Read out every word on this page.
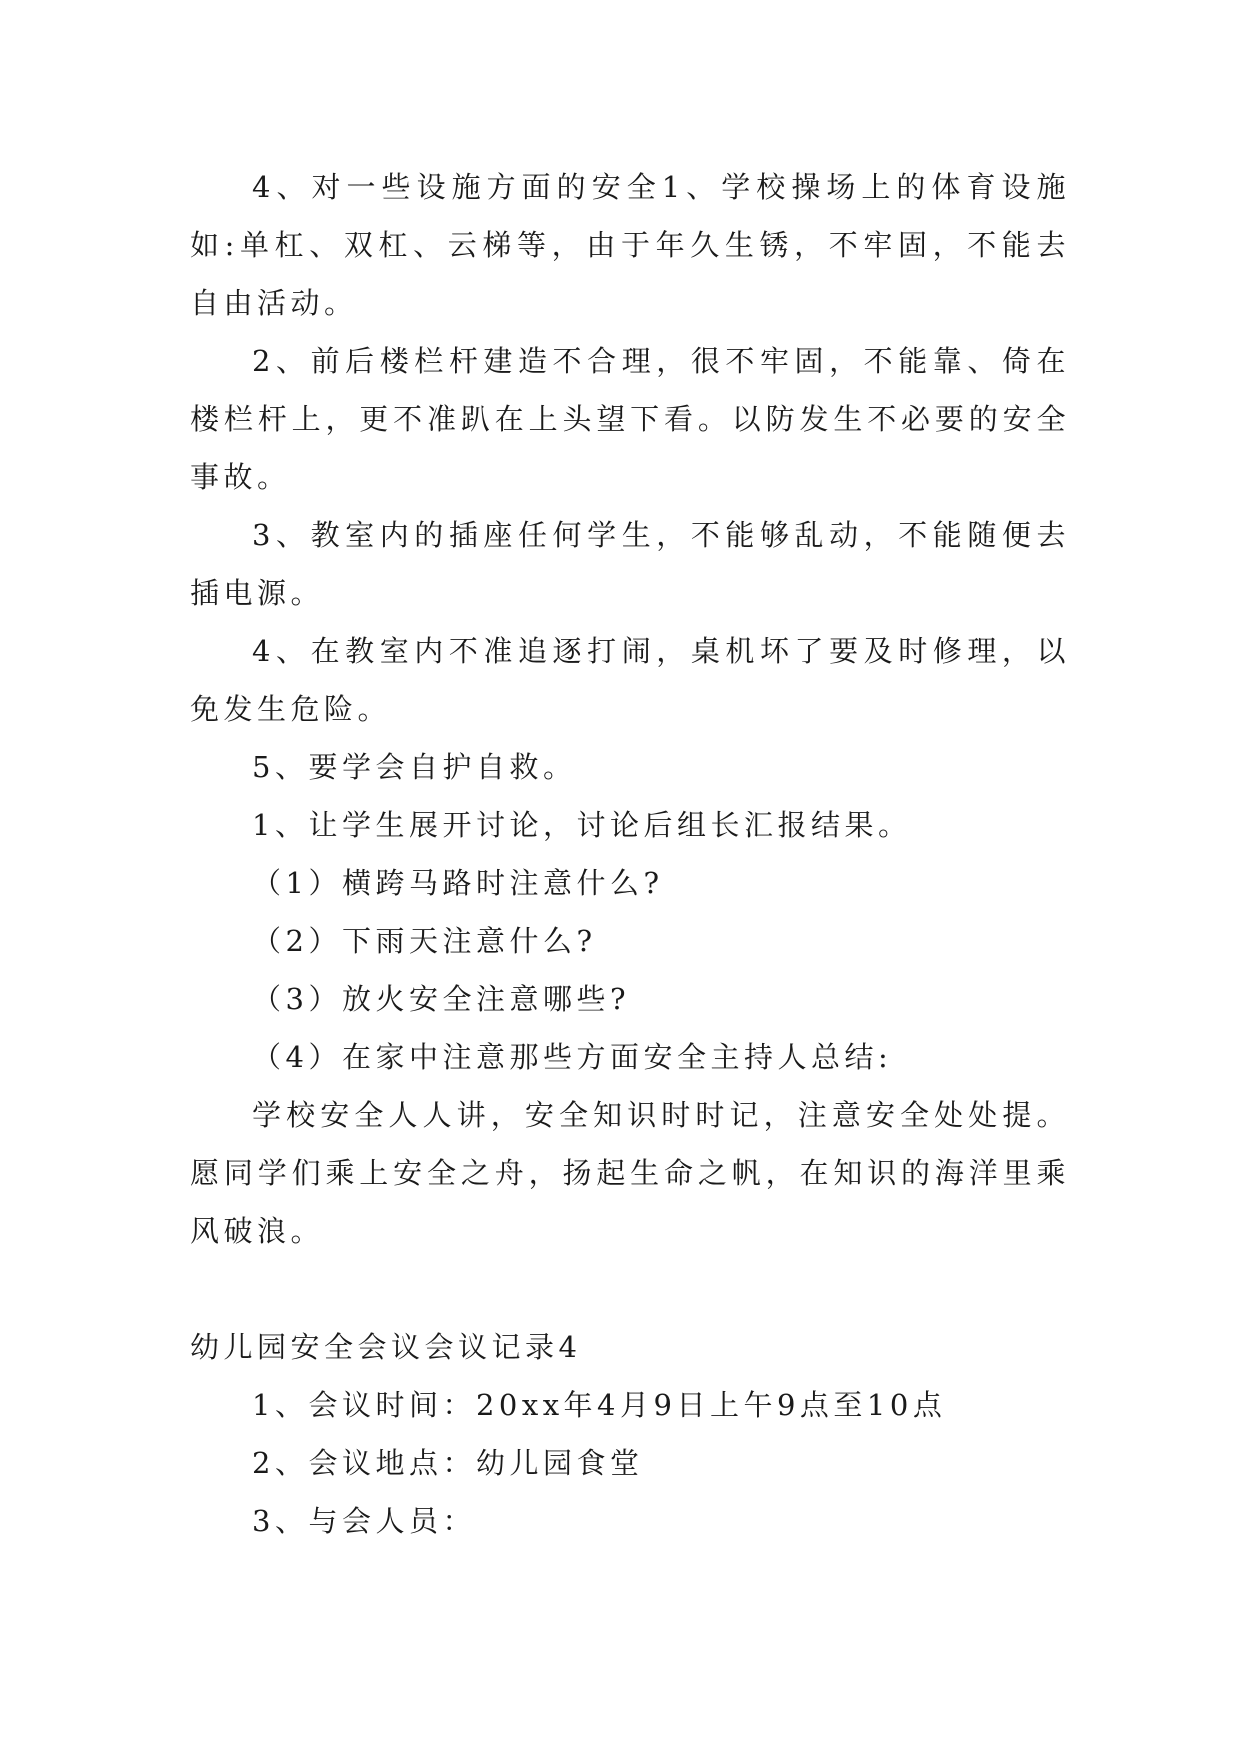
4、对一些设施方面的安全1、学校操场上的体育设施如:单杠、双杠、云梯等，由于年久生锈，不牢固，不能去自由活动。

2、前后楼栏杆建造不合理，很不牢固，不能靠、倚在楼栏杆上，更不准趴在上头望下看。以防发生不必要的安全事故。

3、教室内的插座任何学生，不能够乱动，不能随便去插电源。

4、在教室内不准追逐打闹，桌机坏了要及时修理，以免发生危险。

5、要学会自护自救。

1、让学生展开讨论，讨论后组长汇报结果。

（1）横跨马路时注意什么?

（2）下雨天注意什么?

（3）放火安全注意哪些?

（4）在家中注意那些方面安全主持人总结:

学校安全人人讲，安全知识时时记，注意安全处处提。愿同学们乘上安全之舟，扬起生命之帆，在知识的海洋里乘风破浪。

幼儿园安全会议会议记录4

1、会议时间：20xx年4月9日上午9点至10点

2、会议地点：幼儿园食堂

3、与会人员：
